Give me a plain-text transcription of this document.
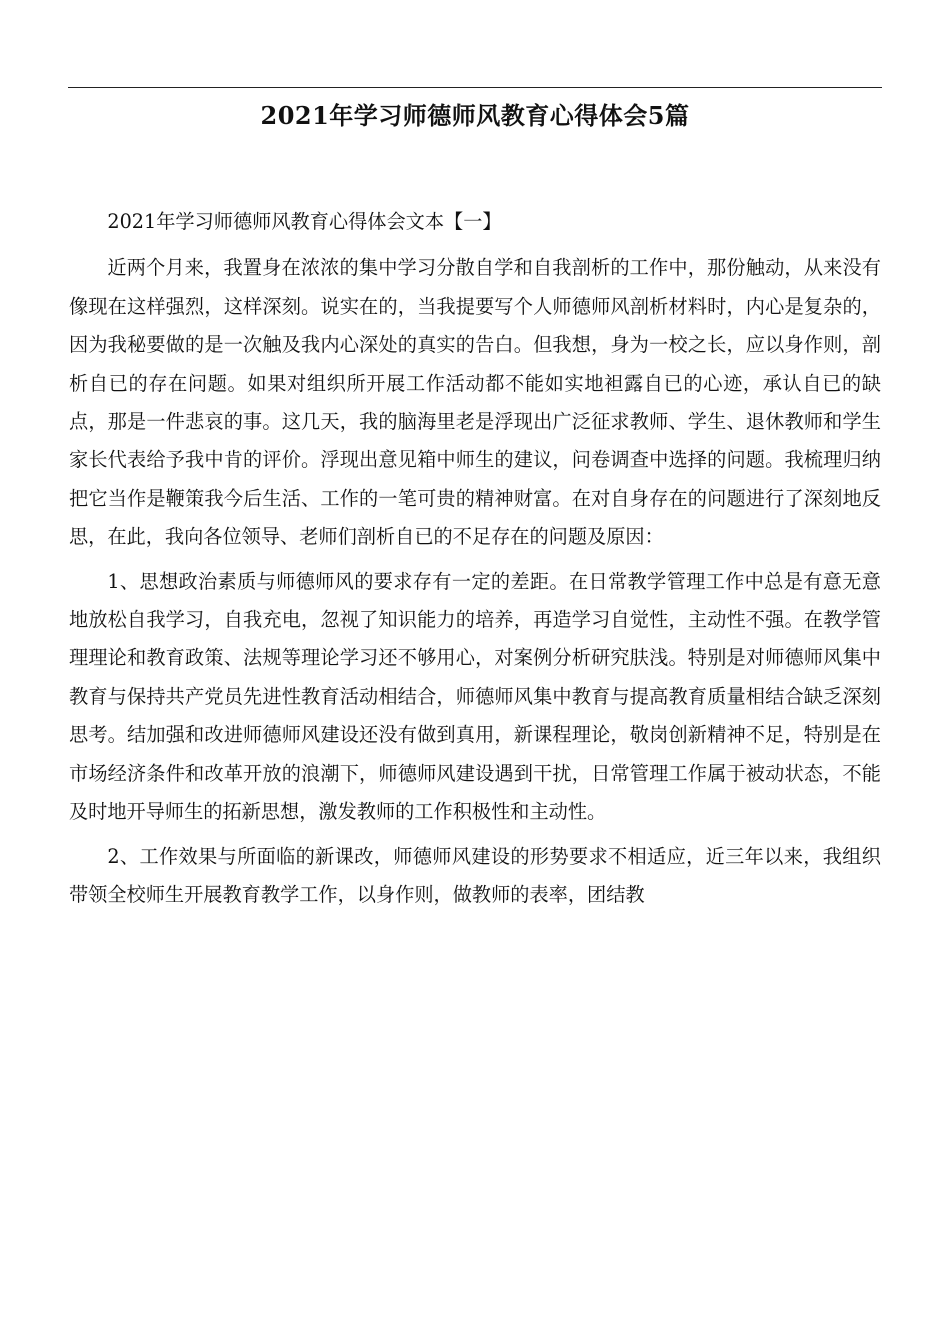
2021年学习师德师风教育心得体会5篇

2021年学习师德师风教育心得体会文本【一】

近两个月来，我置身在浓浓的集中学习分散自学和自我剖析的工作中，那份触动，从来没有像现在这样强烈，这样深刻。说实在的，当我提要写个人师德师风剖析材料时，内心是复杂的，因为我秘要做的是一次触及我内心深处的真实的告白。但我想，身为一校之长，应以身作则，剖析自已的存在问题。如果对组织所开展工作活动都不能如实地袒露自已的心迹，承认自已的缺点，那是一件悲哀的事。这几天，我的脑海里老是浮现出广泛征求教师、学生、退休教师和学生家长代表给予我中肯的评价。浮现出意见箱中师生的建议，问卷调查中选择的问题。我梳理归纳把它当作是鞭策我今后生活、工作的一笔可贵的精神财富。在对自身存在的问题进行了深刻地反思，在此，我向各位领导、老师们剖析自已的不足存在的问题及原因：

1、思想政治素质与师德师风的要求存有一定的差距。在日常教学管理工作中总是有意无意地放松自我学习，自我充电，忽视了知识能力的培养，再造学习自觉性，主动性不强。在教学管理理论和教育政策、法规等理论学习还不够用心，对案例分析研究肤浅。特别是对师德师风集中教育与保持共产党员先进性教育活动相结合，师德师风集中教育与提高教育质量相结合缺乏深刻思考。结加强和改进师德师风建设还没有做到真用，新课程理论，敬岗创新精神不足，特别是在市场经济条件和改革开放的浪潮下，师德师风建设遇到干扰，日常管理工作属于被动状态，不能及时地开导师生的拓新思想，激发教师的工作积极性和主动性。

2、工作效果与所面临的新课改，师德师风建设的形势要求不相适应，近三年以来，我组织带领全校师生开展教育教学工作，以身作则，做教师的表率，团结教
